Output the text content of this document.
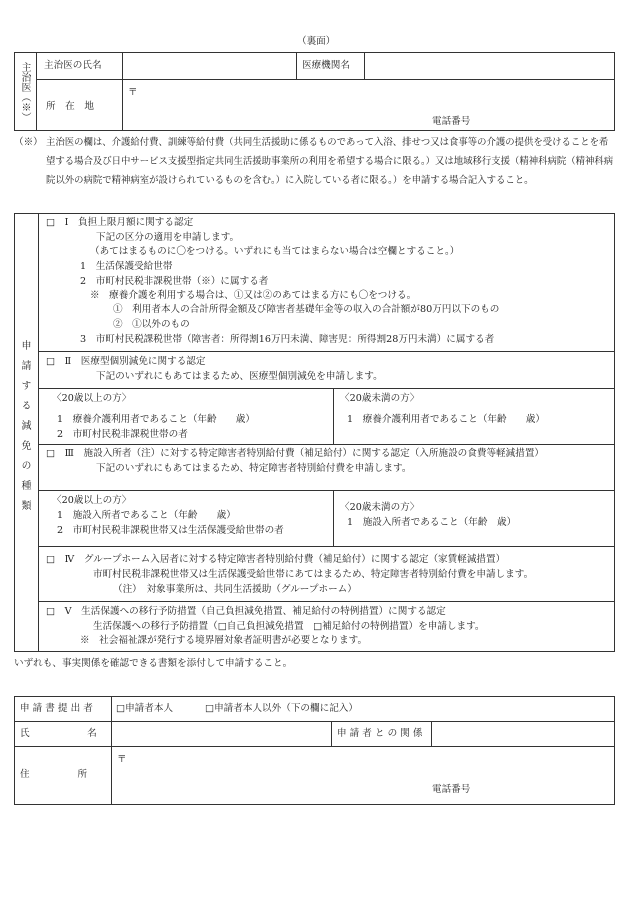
（裏面）
主治医（※） 主治医の氏名	医療機関名
所　在　地
〒
電話番号
（※） 主治医の欄は、介護給付費、訓練等給付費（共同生活援助に係るものであって入浴、排せつ又は食事等の介護の提供を受けることを希望する場合及び日中サービス支援型指定共同生活援助事業所の利用を希望する場合に限る。）又は地域移行支援（精神科病院（精神科病院以外の病院で精神病室が設けられているものを含む。）に入院している者に限る。）を申請する場合記入すること。
申請する減免の種類
□　Ⅰ　負担上限月額に関する認定
下記の区分の適用を申請します。
（あてはまるものに〇をつける。いずれにも当てはまらない場合は空欄とすること。）
1　生活保護受給世帯
2　市町村民税非課税世帯（※）に属する者
※　療養介護を利用する場合は、①又は②のあてはまる方にも〇をつける。
①　利用者本人の合計所得金額及び障害者基礎年金等の収入の合計額が80万円以下のもの
②　①以外のもの
3　市町村民税課税世帯（障害者：所得割16万円未満、障害児：所得割28万円未満）に属する者
□　Ⅱ　医療型個別減免に関する認定
下記のいずれにもあてはまるため、医療型個別減免を申請します。
〈20歳以上の方〉
1　療養介護利用者であること（年齢　　歳）
2　市町村民税非課税世帯の者
〈20歳未満の方〉
1　療養介護利用者であること（年齢　　歳）
□　Ⅲ　施設入所者（注）に対する特定障害者特別給付費（補足給付）に関する認定（入所施設の食費等軽減措置）
下記のいずれにもあてはまるため、特定障害者特別給付費を申請します。
〈20歳以上の方〉
1　施設入所者であること（年齢　　歳）
2　市町村民税非課税世帯又は生活保護受給世帯の者
〈20歳未満の方〉
1　施設入所者であること（年齢　歳）
□　Ⅳ　グループホーム入居者に対する特定障害者特別給付費（補足給付）に関する認定（家賃軽減措置）
市町村民税非課税世帯又は生活保護受給世帯にあてはまるため、特定障害者特別給付費を申請します。
（注）　対象事業所は、共同生活援助（グループホーム）
□　Ⅴ　生活保護への移行予防措置（自己負担減免措置、補足給付の特例措置）に関する認定
生活保護への移行予防措置（□自己負担減免措置　□補足給付の特例措置）を申請します。
※　社会福祉課が発行する境界層対象者証明書が必要となります。
いずれも、事実関係を確認できる書類を添付して申請すること。
申 請 書 提 出 者 □申請者本人	□申請者本人以外（下の欄に記入）
氏　　　　　　名	申 請 者 と の 関 係
住　　　　　所
〒
電話番号
